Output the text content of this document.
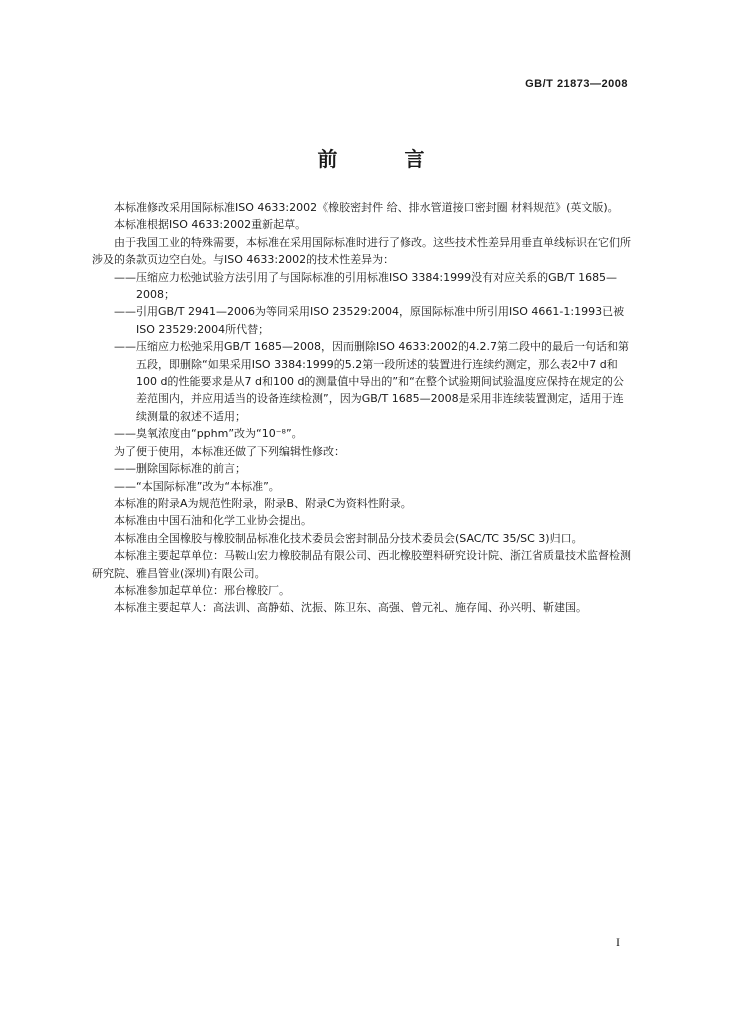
GB/T 21873—2008
前 言

本标准修改采用国际标准ISO 4633:2002《橡胶密封件 给、排水管道接口密封圈 材料规范》(英文版)。

本标准根据ISO 4633:2002重新起草。

由于我国工业的特殊需要，本标准在采用国际标准时进行了修改。这些技术性差异用垂直单线标识在它们所涉及的条款页边空白处。与ISO 4633:2002的技术性差异为：

——压缩应力松弛试验方法引用了与国际标准的引用标准ISO 3384:1999没有对应关系的GB/T 1685—2008；

——引用GB/T 2941—2006为等同采用ISO 23529:2004，原国际标准中所引用ISO 4661-1:1993已被ISO 23529:2004所代替；

——压缩应力松弛采用GB/T 1685—2008，因而删除ISO 4633:2002的4.2.7第二段中的最后一句话和第五段，即删除“如果采用ISO 3384:1999的5.2第一段所述的装置进行连续约测定，那么表2中7 d和100 d的性能要求是从7 d和100 d的测量值中导出的”和“在整个试验期间试验温度应保持在规定的公差范围内，并应用适当的设备连续检测”，因为GB/T 1685—2008是采用非连续装置测定，适用于连续测量的叙述不适用；

——臭氧浓度由“pphm”改为“10⁻⁸”。

为了便于使用，本标准还做了下列编辑性修改：

——删除国际标准的前言；

——“本国际标准”改为“本标准”。

本标准的附录A为规范性附录，附录B、附录C为资料性附录。

本标准由中国石油和化学工业协会提出。

本标准由全国橡胶与橡胶制品标准化技术委员会密封制品分技术委员会(SAC/TC 35/SC 3)归口。

本标准主要起草单位：马鞍山宏力橡胶制品有限公司、西北橡胶塑料研究设计院、浙江省质量技术监督检测研究院、雅昌管业(深圳)有限公司。

本标准参加起草单位：邢台橡胶厂。

本标准主要起草人：高法训、高静茹、沈振、陈卫东、高强、曾元礼、施存闻、孙兴明、靳建国。

I
